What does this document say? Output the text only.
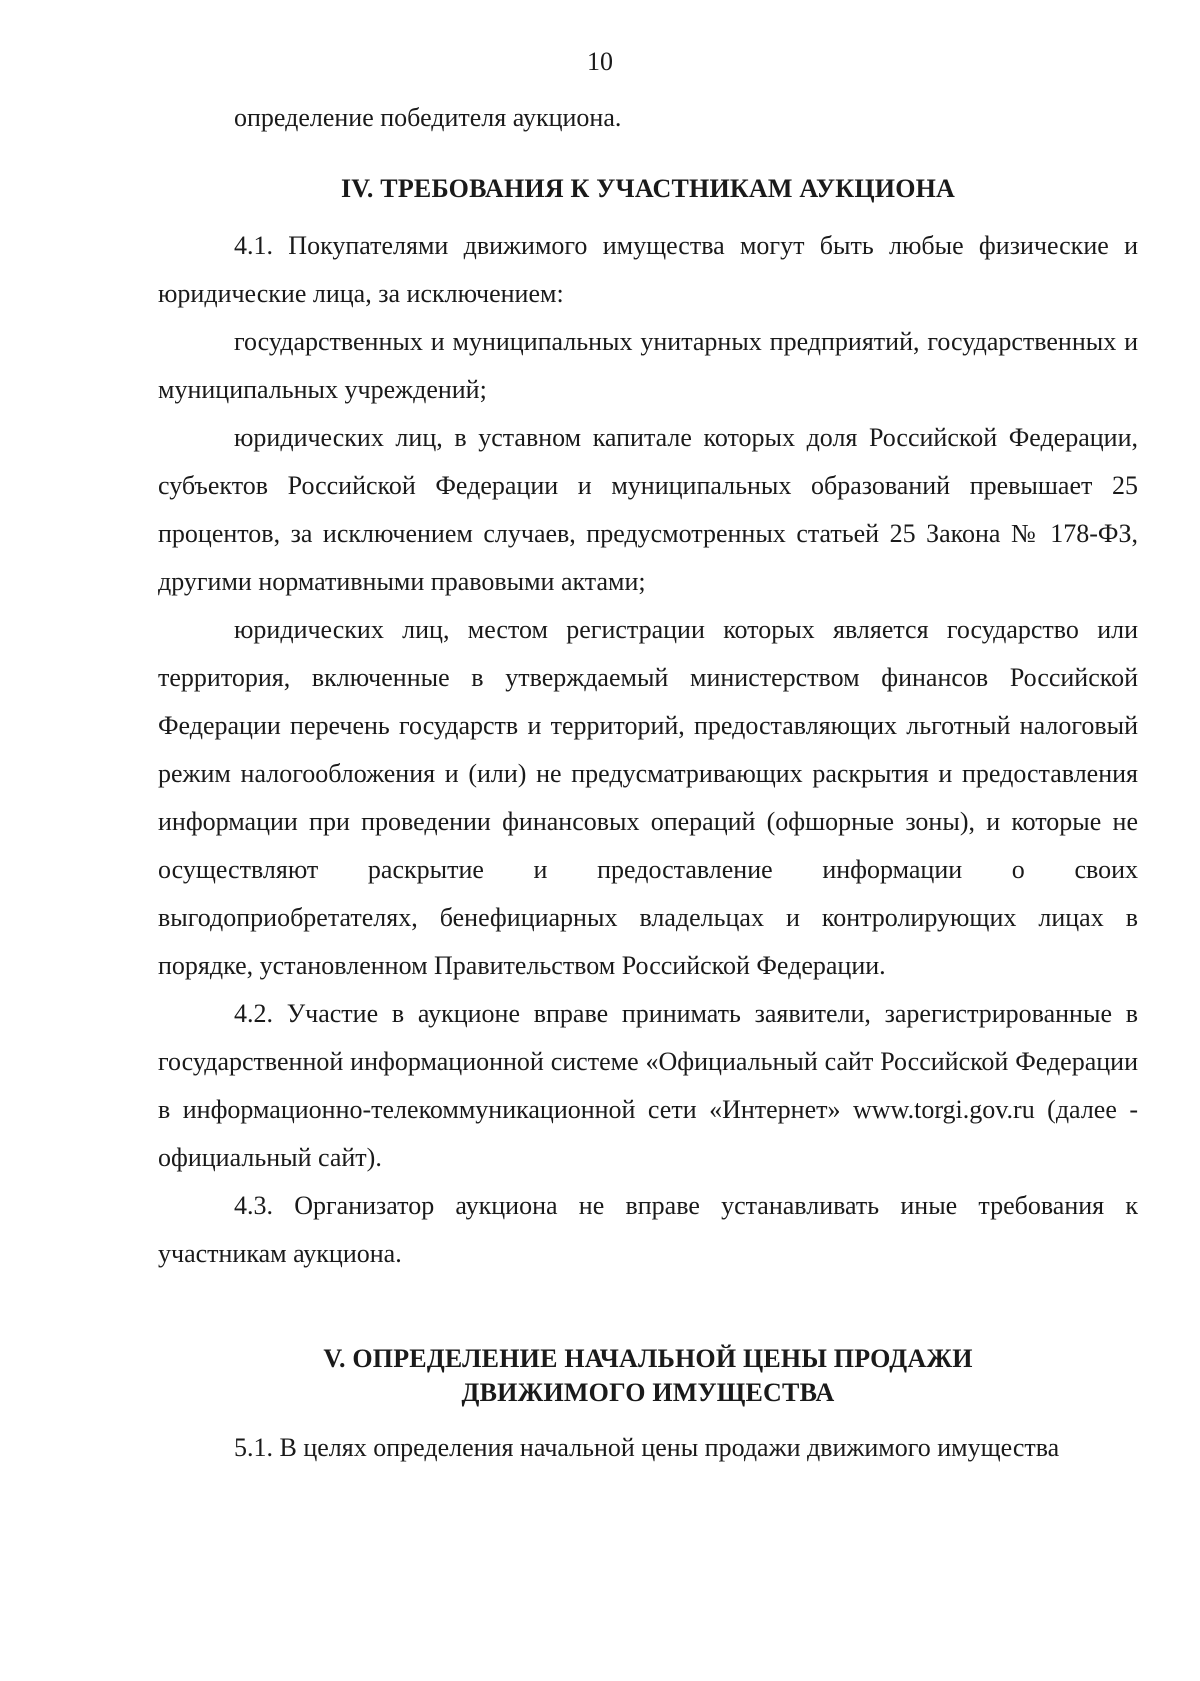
10

определение победителя аукциона.

IV. ТРЕБОВАНИЯ К УЧАСТНИКАМ АУКЦИОНА

4.1. Покупателями движимого имущества могут быть любые физические и юридические лица, за исключением:

государственных и муниципальных унитарных предприятий, государственных и муниципальных учреждений;

юридических лиц, в уставном капитале которых доля Российской Федерации, субъектов Российской Федерации и муниципальных образований превышает 25 процентов, за исключением случаев, предусмотренных статьей 25 Закона № 178-ФЗ, другими нормативными правовыми актами;

юридических лиц, местом регистрации которых является государство или территория, включенные в утверждаемый министерством финансов Российской Федерации перечень государств и территорий, предоставляющих льготный налоговый режим налогообложения и (или) не предусматривающих раскрытия и предоставления информации при проведении финансовых операций (офшорные зоны), и которые не осуществляют раскрытие и предоставление информации о своих выгодоприобретателях, бенефициарных владельцах и контролирующих лицах в порядке, установленном Правительством Российской Федерации.

4.2. Участие в аукционе вправе принимать заявители, зарегистрированные в государственной информационной системе «Официальный сайт Российской Федерации в информационно-телекоммуникационной сети «Интернет» www.torgi.gov.ru (далее - официальный сайт).

4.3. Организатор аукциона не вправе устанавливать иные требования к участникам аукциона.

V. ОПРЕДЕЛЕНИЕ НАЧАЛЬНОЙ ЦЕНЫ ПРОДАЖИ
ДВИЖИМОГО ИМУЩЕСТВА

5.1. В целях определения начальной цены продажи движимого имущества
